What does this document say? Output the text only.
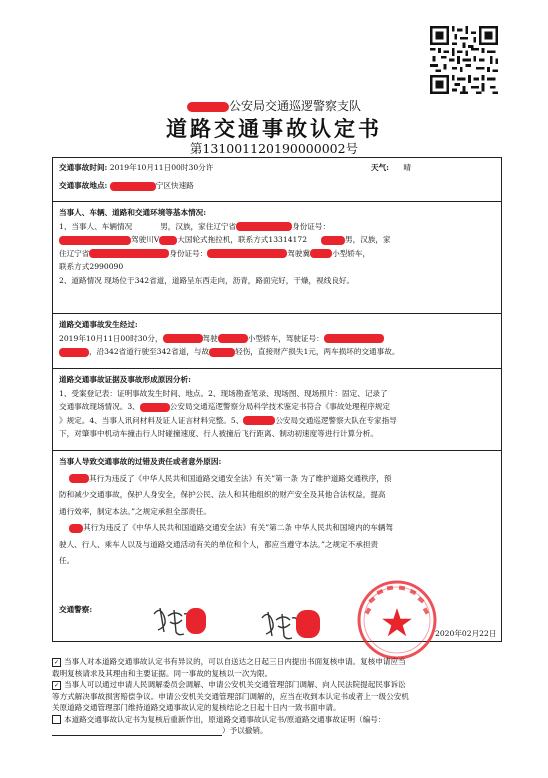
公安局交通巡逻警察支队
道路交通事故认定书
第131001120190000002号
交通事故时间: 2019年10月11日00时30分许	天气: 晴
交通事故地点:	宁区快速路
当事人、车辆、道路和交通环境等基本情况:
1、当事人、车辆情况	男，汉族，家住辽宁省	身份证号：
驾驶川V 大国轮式拖拉机，联系方式13314172	男，汉族，家
住辽宁省	身份证号：	驾驶冀	小型轿车，
联系方式2990090
2、道路情况 现场位于342省道，道路呈东西走向，沥青，路面完好，干燥，视线良好。
道路交通事故发生经过:
2019年10月11日00时30分，	驾驶	小型轿车，驾驶证号：
，沿342省道行驶至342省道，与故	轻伤，直接财产损失1元，两车损坏的交通事故。
道路交通事故证据及事故形成原因分析:
1、受案登记表：证明事故发生时间、地点。2、现场勘查笔录、现场图、现场照片：固定、记录了
交通事故现场情况。3、	公安局交通巡逻警察分局科学技术鉴定书符合《事故处理程序规定
》规定。4、当事人讯问材料及证人证言材料完整。5、	公安局交通巡逻警察大队在专家指导
下，对肇事中机动车撞击行人时碰撞速度、行人被撞后飞行距离、制动初速度等进行计算分析。
当事人导致交通事故的过错及责任或者意外原因:
其行为违反了《中华人民共和国道路交通安全法》有关”第一条 为了维护道路交通秩序，预
防和减少交通事故，保护人身安全，保护公民、法人和其他组织的财产安全及其他合法权益，提高
通行效率，制定本法。”之规定承担全部责任。
其行为违反了《中华人民共和国道路交通安全法》有关”第二条 中华人民共和国境内的车辆驾
驶人、行人、乘车人以及与道路交通活动有关的单位和个人，都应当遵守本法。”之规定不承担责
任。
交通警察:
2020年02月22日

✓ 当事人对本道路交通事故认定书有异议的，可以自送达之日起三日内提出书面复核申请。复核申请应当

载明复核请求及其理由和主要证据。同一事故的复核以一次为限。

✓ 当事人可以通过申请人民调解委员会调解、申请公安机关交通管理部门调解、向人民法院提起民事诉讼

等方式解决事故损害赔偿争议。申请公安机关交通管理部门调解的，应当在收到本认定书或者上一级公安机

关原道路交通管理部门维持道路交通事故认定的复核结论之日起十日内一致书面申请。

本道路交通事故认定书为复核后重新作出，原道路交通事故认定书/原道路交通事故证明（编号：

）予以撤销。
